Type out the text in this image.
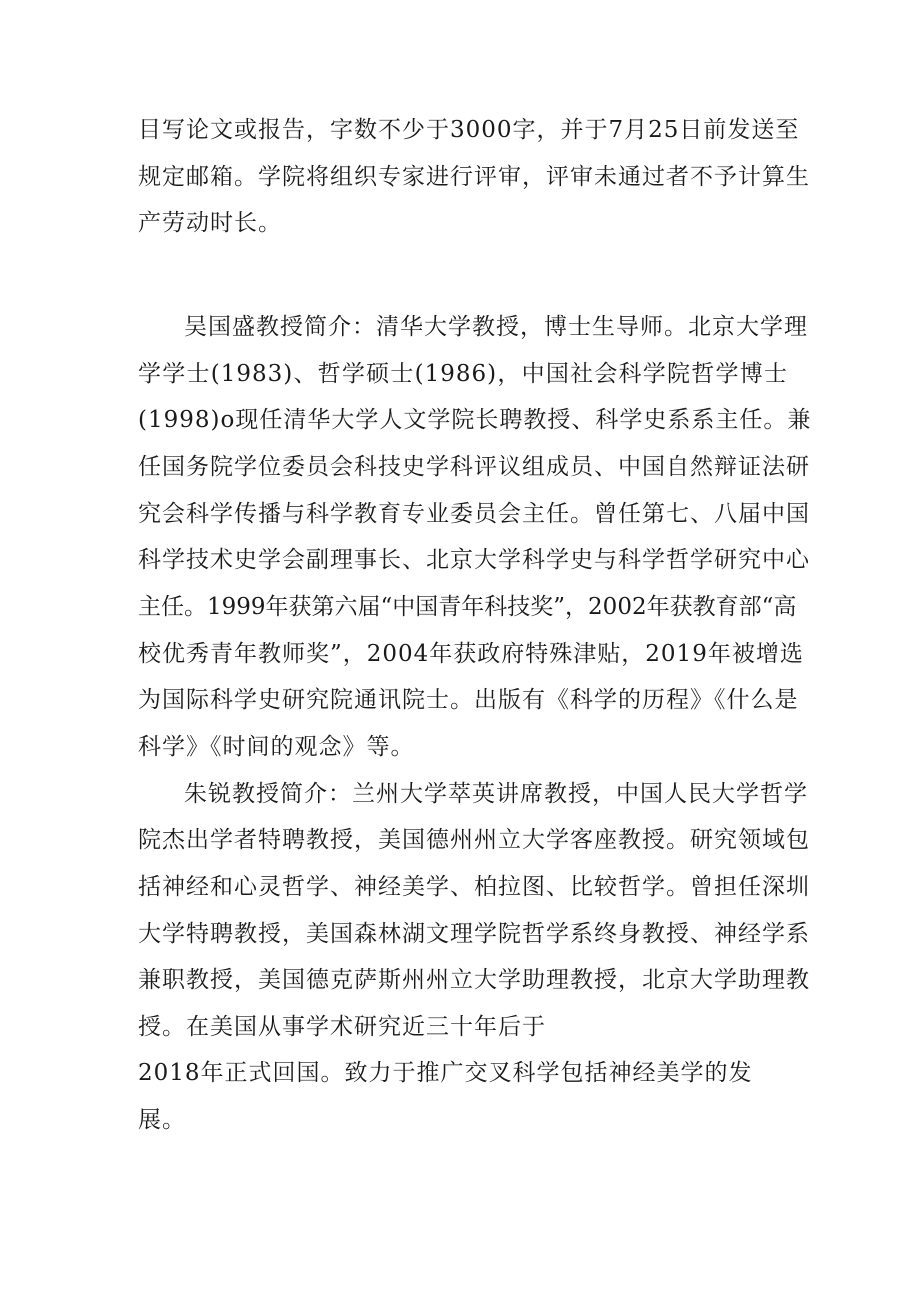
目写论文或报告，字数不少于3000字，并于7月25日前发送至
规定邮箱。学院将组织专家进行评审，评审未通过者不予计算生
产劳动时长。
吴国盛教授简介：清华大学教授，博士生导师。北京大学理
学学士(1983)、哲学硕士(1986)，中国社会科学院哲学博士
(1998)o现任清华大学人文学院长聘教授、科学史系系主任。兼
任国务院学位委员会科技史学科评议组成员、中国自然辩证法研
究会科学传播与科学教育专业委员会主任。曾任第七、八届中国
科学技术史学会副理事长、北京大学科学史与科学哲学研究中心
主任。1999年获第六届“中国青年科技奖”，2002年获教育部“高
校优秀青年教师奖”，2004年获政府特殊津贴，2019年被增选
为国际科学史研究院通讯院士。出版有《科学的历程》《什么是
科学》《时间的观念》等。
朱锐教授简介：兰州大学萃英讲席教授，中国人民大学哲学
院杰出学者特聘教授，美国德州州立大学客座教授。研究领域包
括神经和心灵哲学、神经美学、柏拉图、比较哲学。曾担任深圳
大学特聘教授，美国森林湖文理学院哲学系终身教授、神经学系
兼职教授，美国德克萨斯州州立大学助理教授，北京大学助理教
授。在美国从事学术研究近三十年后于
2018年正式回国。致力于推广交叉科学包括神经美学的发
展。
